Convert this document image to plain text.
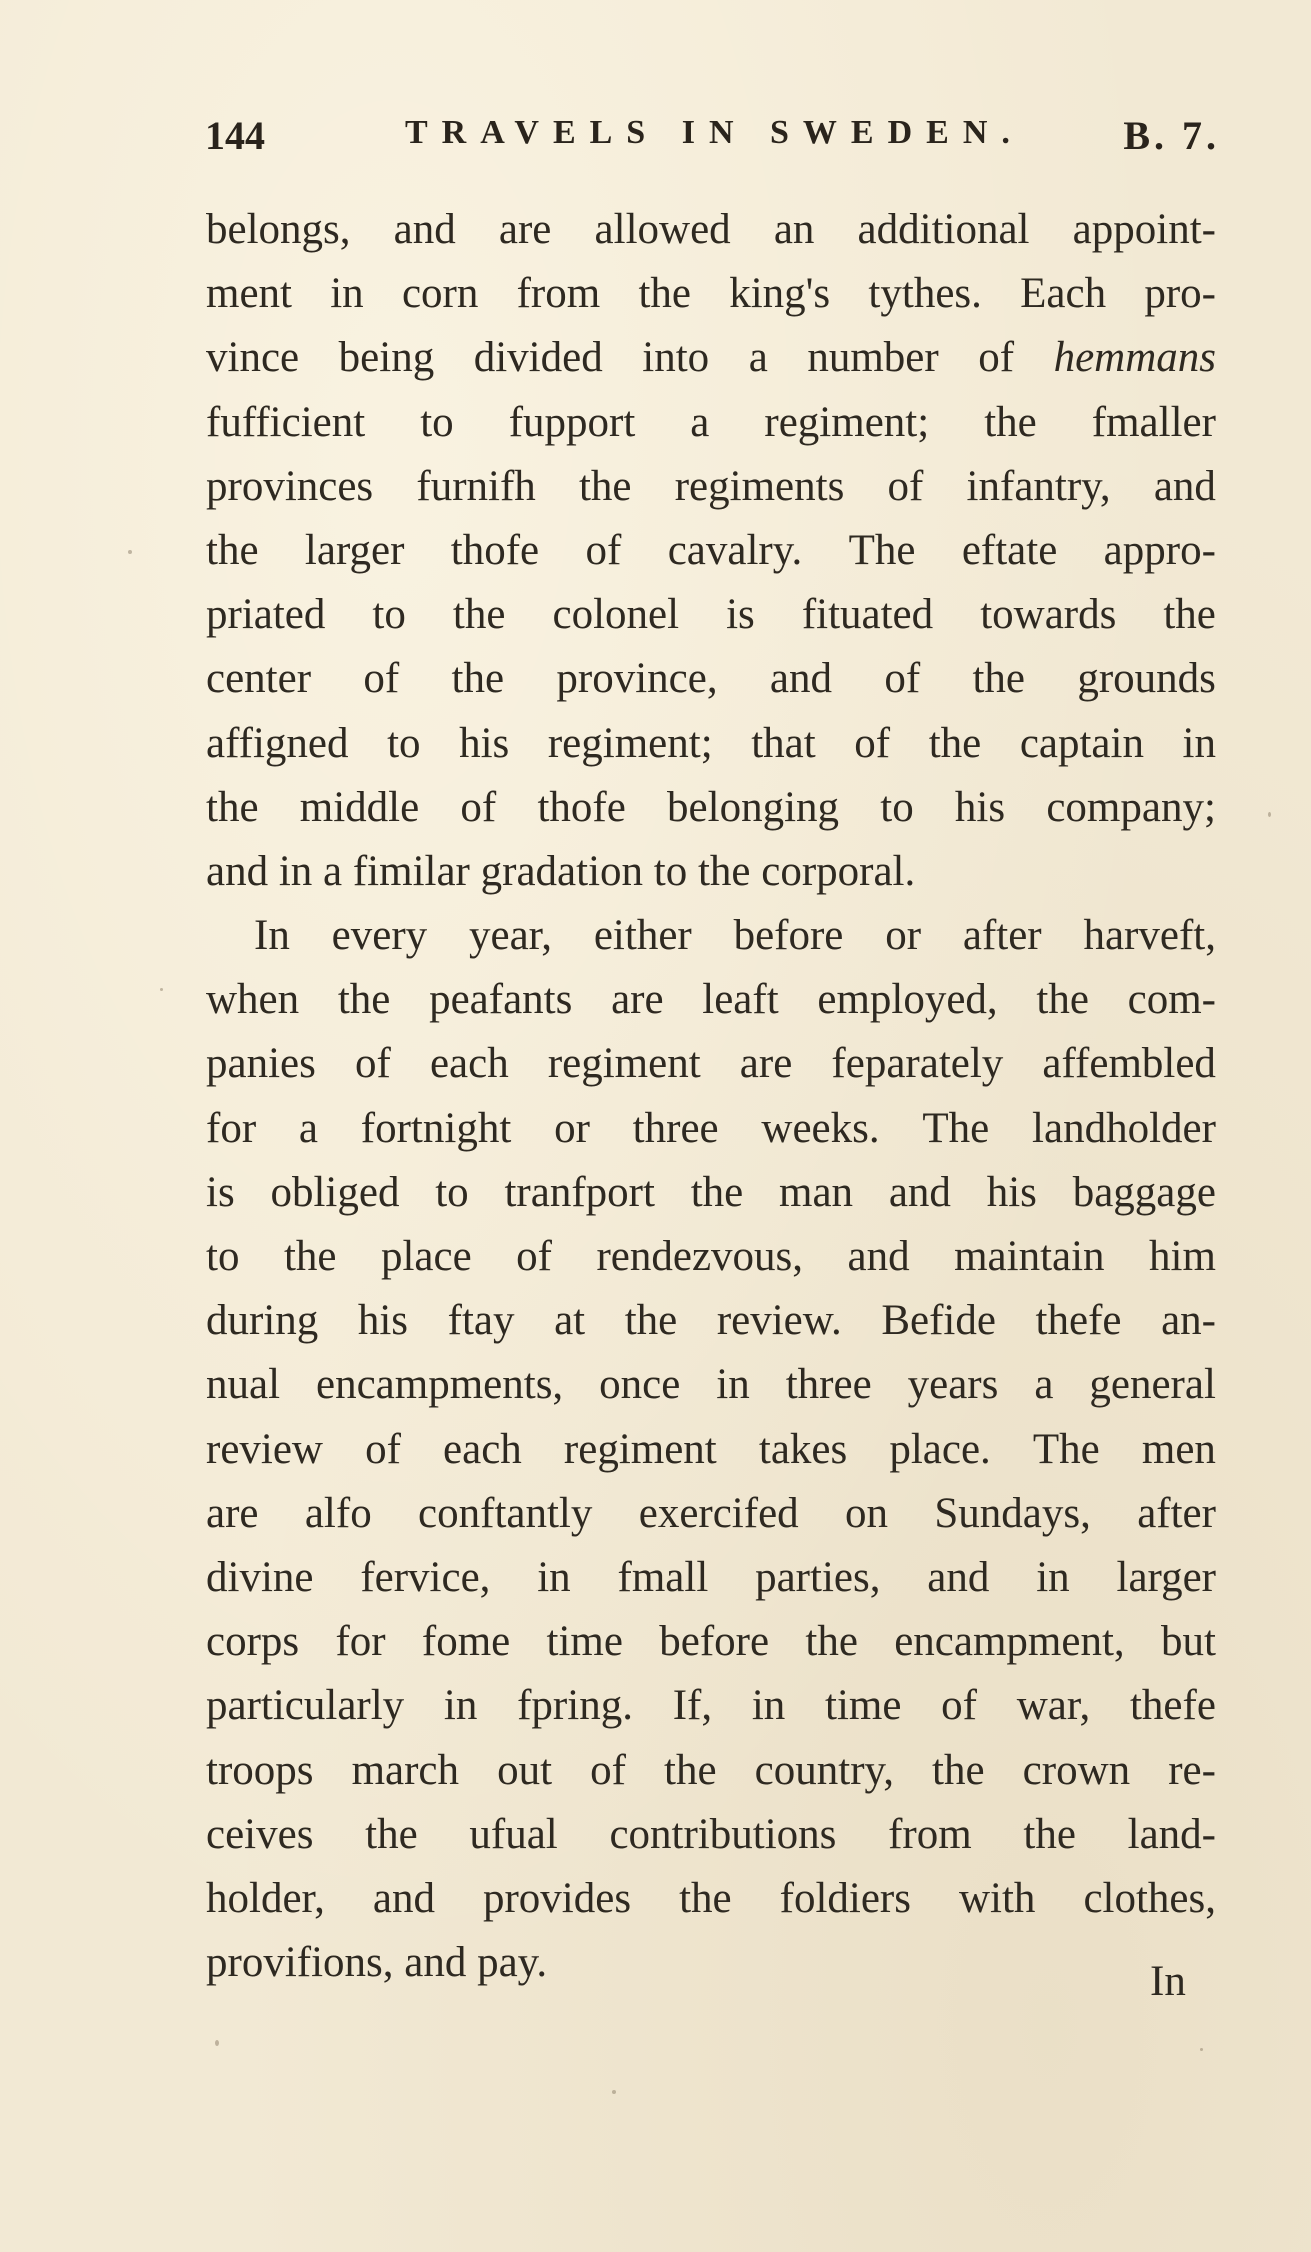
144	TRAVELS IN SWEDEN. B. 7.
belongs, and are allowed an additional appoint-
ment in corn from the king's tythes. Each pro-
vince being divided into a number of hemmans
fufficient to fupport a regiment; the fmaller
provinces furnifh the regiments of infantry, and
the larger thofe of cavalry. The eftate appro-
priated to the colonel is fituated towards the
center of the province, and of the grounds
affigned to his regiment; that of the captain in
the middle of thofe belonging to his company;
and in a fimilar gradation to the corporal.
In every year, either before or after harveft,
when the peafants are leaft employed, the com-
panies of each regiment are feparately affembled
for a fortnight or three weeks. The landholder
is obliged to tranfport the man and his baggage
to the place of rendezvous, and maintain him
during his ftay at the review. Befide thefe an-
nual encampments, once in three years a general
review of each regiment takes place. The men
are alfo conftantly exercifed on Sundays, after
divine fervice, in fmall parties, and in larger
corps for fome time before the encampment, but
particularly in fpring. If, in time of war, thefe
troops march out of the country, the crown re-
ceives the ufual contributions from the land-
holder, and provides the foldiers with clothes,
provifions, and pay.	In
